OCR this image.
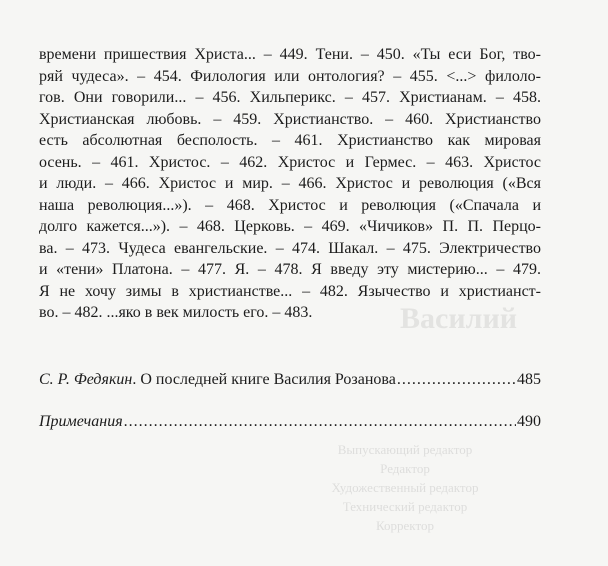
Василий
Выпускающий редактор
Редактор
Художественный редактор
Технический редактор
Корректор
времени пришествия Христа... – 449. Тени. – 450. «Ты еси Бог, тво-
ряй чудеса». – 454. Филология или онтология? – 455. <...> филоло-
гов. Они говорили... – 456. Хильперикс. – 457. Христианам. – 458.
Христианская любовь. – 459. Христианство. – 460. Христианство
есть абсолютная бесполость. – 461. Христианство как мировая
осень. – 461. Христос. – 462. Христос и Гермес. – 463. Христос
и люди. – 466. Христос и мир. – 466. Христос и революция («Вся
наша революция...»). – 468. Христос и революция («Спачала и
долго кажется...»). – 468. Церковь. – 469. «Чичиков» П. П. Перцо-
ва. – 473. Чудеса евангельские. – 474. Шакал. – 475. Электричество
и «тени» Платона. – 477. Я. – 478. Я введу эту мистерию... – 479.
Я не хочу зимы в христианстве... – 482. Язычество и христианст-
во. – 482. ...яко в век милость его. – 483.
С. Р. Федякин. О последней книге Василия Розанова .....	485
Примечания .....	490
